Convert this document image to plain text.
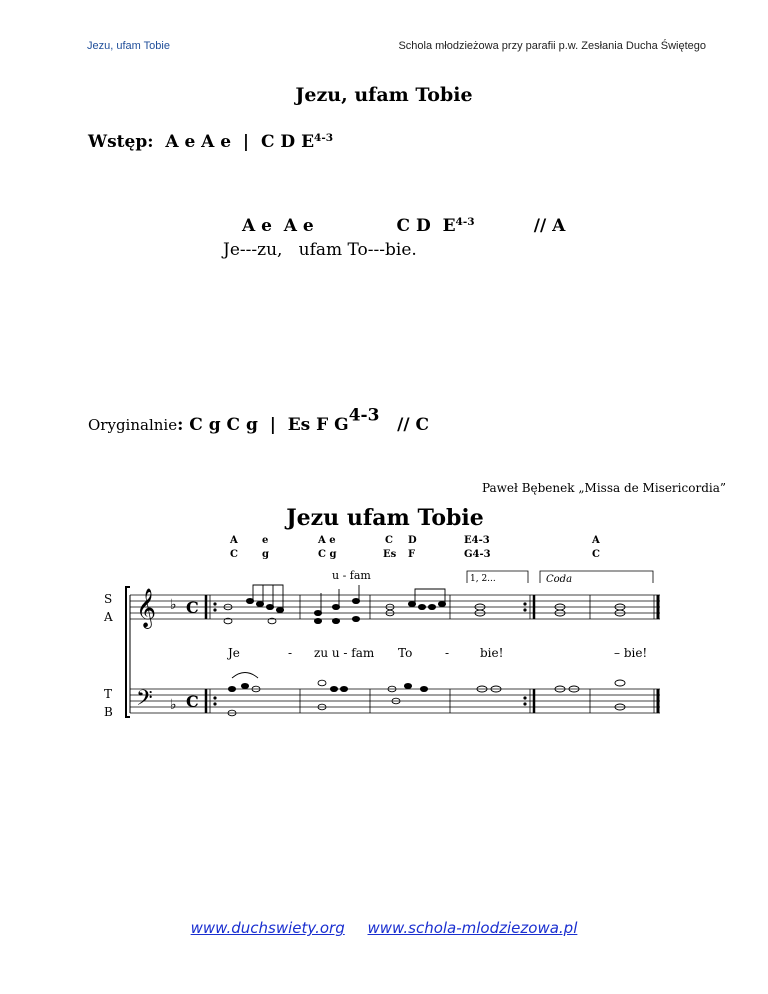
Jezu, ufam Tobie	Schola młodzieżowa przy parafii p.w. Zesłania Ducha Świętego
Jezu, ufam Tobie
Wstęp:  A e A e  |  C D $E^{4-3}$
A e  A e              C D  $E^{4-3}$          // A
Je---zu,   ufam To---bie.
Oryginalnie: C g C g  |  Es F $G^{4-3}$   // C
Paweł Bębenek „Missa de Misericordia”
Jezu ufam Tobie
A
C
e
g
A e
C g
C
Es
D
F
E4-3
G4-3
A
C
u - fam	1, 2...	Coda
S
A
T
B
𝄞
𝄢
♭
♭
C
C
Je	- zu u - fam To	-	bie!	– bie!
www.duchswiety.org www.schola-mlodziezowa.pl
